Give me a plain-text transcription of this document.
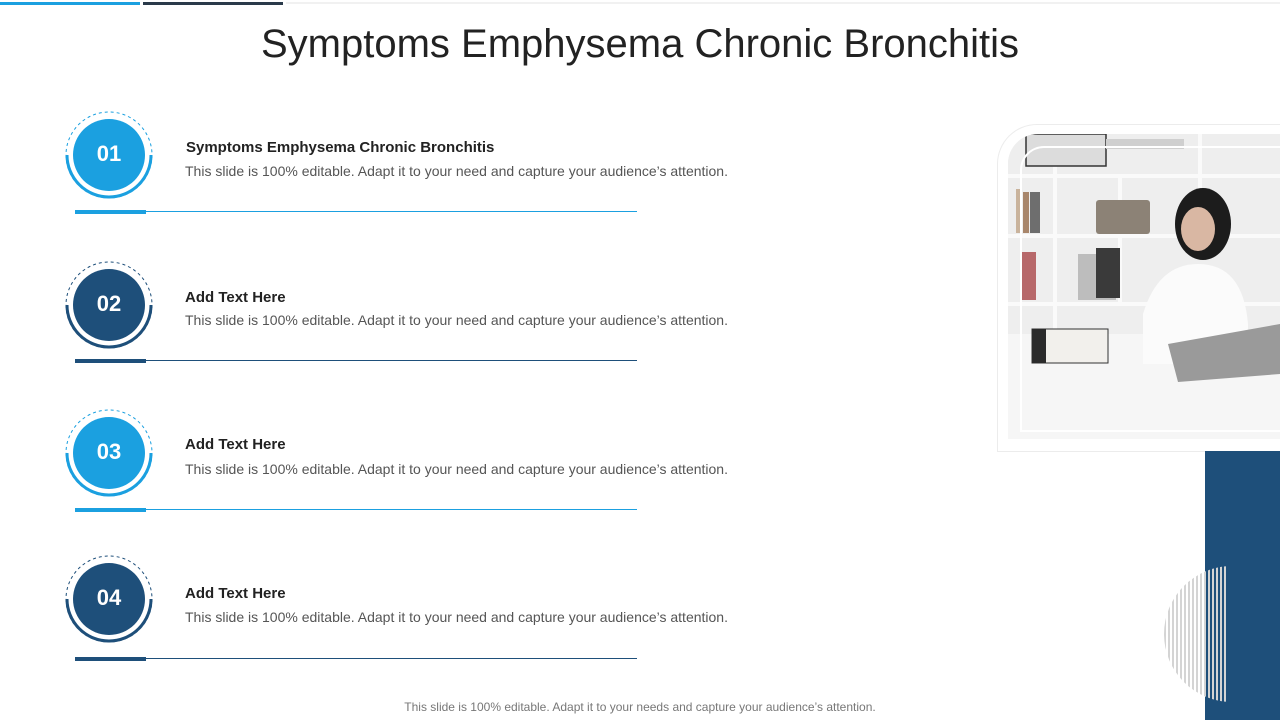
Symptoms Emphysema Chronic Bronchitis
01	Symptoms Emphysema Chronic Bronchitis
This slide is 100% editable. Adapt it to your need and capture your audience’s attention.
02	Add Text Here
This slide is 100% editable. Adapt it to your need and capture your audience’s attention.
03	Add Text Here
This slide is 100% editable. Adapt it to your need and capture your audience’s attention.
04	Add Text Here
This slide is 100% editable. Adapt it to your need and capture your audience’s attention.
This slide is 100% editable. Adapt it to your needs and capture your audience’s attention.
